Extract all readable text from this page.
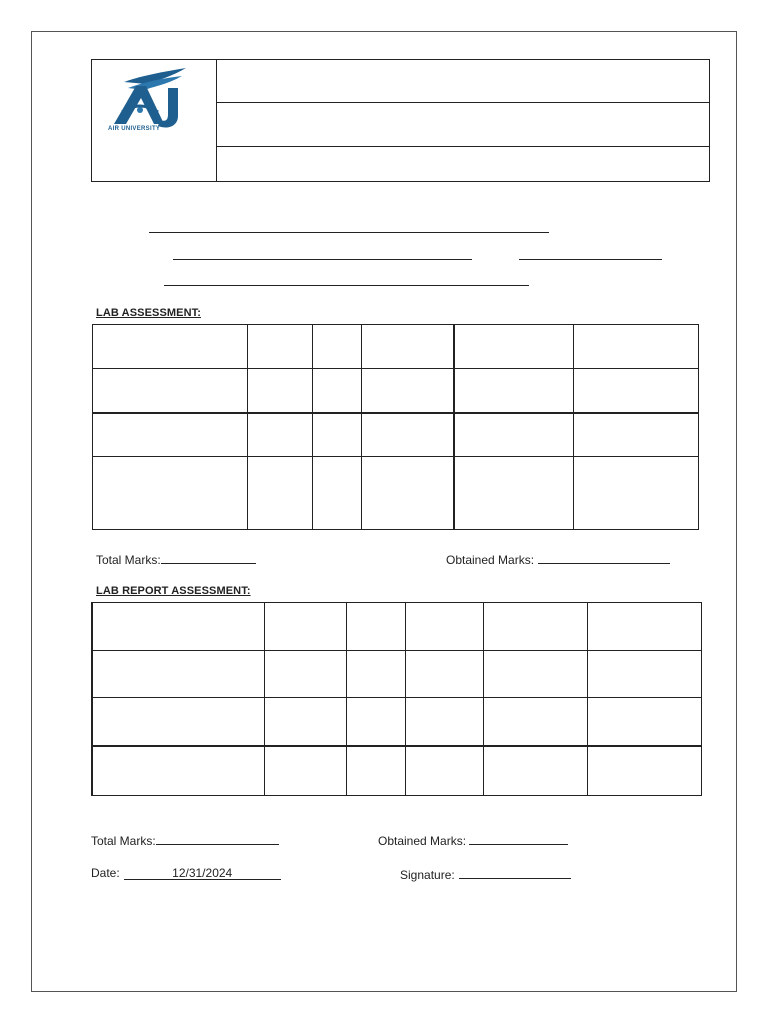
AIR UNIVERSITY
LAB ASSESSMENT:

Total Marks:	Obtained Marks:
LAB REPORT ASSESSMENT:

Total Marks:	Obtained Marks:
Date:	12/31/2024	Signature:
